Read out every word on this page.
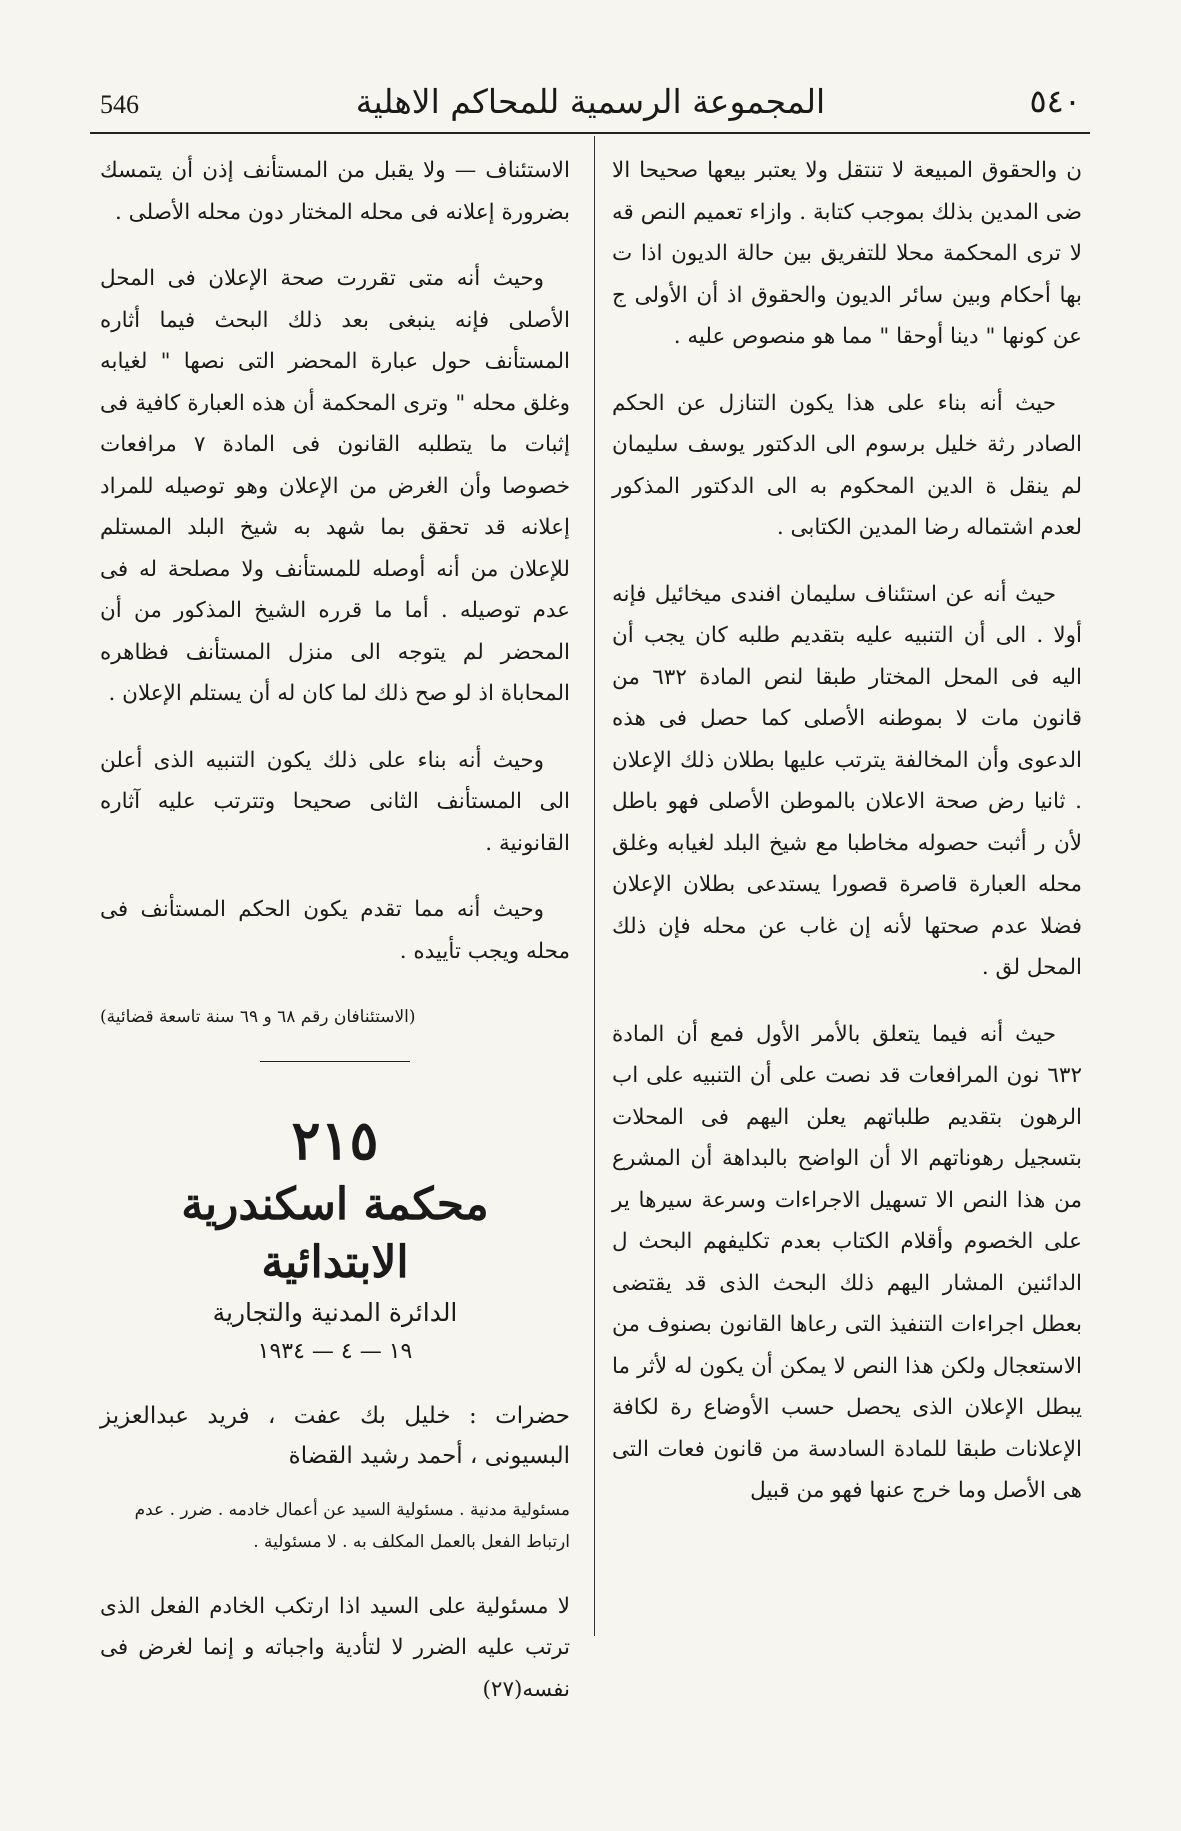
546	المجموعة الرسمية للمحاكم الاهلية	٥٤٠

ن والحقوق المبيعة لا تنتقل ولا يعتبر بيعها صحيحا الا ضى المدين بذلك بموجب كتابة . وازاء تعميم النص قه لا ترى المحكمة محلا للتفريق بين حالة الديون اذا ت بها أحكام وبين سائر الديون والحقوق اذ أن الأولى ج عن كونها " دينا أوحقا " مما هو منصوص عليه .

حيث أنه بناء على هذا يكون التنازل عن الحكم الصادر رثة خليل برسوم الى الدكتور يوسف سليمان لم ينقل ة الدين المحكوم به الى الدكتور المذكور لعدم اشتماله رضا المدين الكتابى .

حيث أنه عن استئناف سليمان افندى ميخائيل فإنه أولا . الى أن التنبيه عليه بتقديم طلبه كان يجب أن اليه فى المحل المختار طبقا لنص المادة ٦٣٢ من قانون مات لا بموطنه الأصلى كما حصل فى هذه الدعوى وأن المخالفة يترتب عليها بطلان ذلك الإعلان . ثانيا رض صحة الاعلان بالموطن الأصلى فهو باطل لأن ر أثبت حصوله مخاطبا مع شيخ البلد لغيابه وغلق محله العبارة قاصرة قصورا يستدعى بطلان الإعلان فضلا عدم صحتها لأنه إن غاب عن محله فإن ذلك المحل لق .

حيث أنه فيما يتعلق بالأمر الأول فمع أن المادة ٦٣٢ نون المرافعات قد نصت على أن التنبيه على اب الرهون بتقديم طلباتهم يعلن اليهم فى المحلات بتسجيل رهوناتهم الا أن الواضح بالبداهة أن المشرع من هذا النص الا تسهيل الاجراءات وسرعة سيرها ير على الخصوم وأقلام الكتاب بعدم تكليفهم البحث ل الدائنين المشار اليهم ذلك البحث الذى قد يقتضى بعطل اجراءات التنفيذ التى رعاها القانون بصنوف من الاستعجال ولكن هذا النص لا يمكن أن يكون له لأثر ما يبطل الإعلان الذى يحصل حسب الأوضاع رة لكافة الإعلانات طبقا للمادة السادسة من قانون فعات التى هى الأصل وما خرج عنها فهو من قبيل

الاستئناف — ولا يقبل من المستأنف إذن أن يتمسك بضرورة إعلانه فى محله المختار دون محله الأصلى .

وحيث أنه متى تقررت صحة الإعلان فى المحل الأصلى فإنه ينبغى بعد ذلك البحث فيما أثاره المستأنف حول عبارة المحضر التى نصها " لغيابه وغلق محله " وترى المحكمة أن هذه العبارة كافية فى إثبات ما يتطلبه القانون فى المادة ٧ مرافعات خصوصا وأن الغرض من الإعلان وهو توصيله للمراد إعلانه قد تحقق بما شهد به شيخ البلد المستلم للإعلان من أنه أوصله للمستأنف ولا مصلحة له فى عدم توصيله . أما ما قرره الشيخ المذكور من أن المحضر لم يتوجه الى منزل المستأنف فظاهره المحاباة اذ لو صح ذلك لما كان له أن يستلم الإعلان .

وحيث أنه بناء على ذلك يكون التنبيه الذى أعلن الى المستأنف الثانى صحيحا وتترتب عليه آثاره القانونية .

وحيث أنه مما تقدم يكون الحكم المستأنف فى محله ويجب تأييده .

(الاستئنافان رقم ٦٨ و ٦٩ سنة تاسعة قضائية)
٢١٥
محكمة اسكندرية الابتدائية
الدائرة المدنية والتجارية
١٩ — ٤ — ١٩٣٤

حضرات : خليل بك عفت ، فريد عبدالعزيز البسيونى ، أحمد رشيد القضاة

مسئولية مدنية . مسئولية السيد عن أعمال خادمه . ضرر . عدم ارتباط الفعل بالعمل المكلف به . لا مسئولية .

لا مسئولية على السيد اذا ارتكب الخادم الفعل الذى ترتب عليه الضرر لا لتأدية واجباته و إنما لغرض فى نفسه(٢٧)
